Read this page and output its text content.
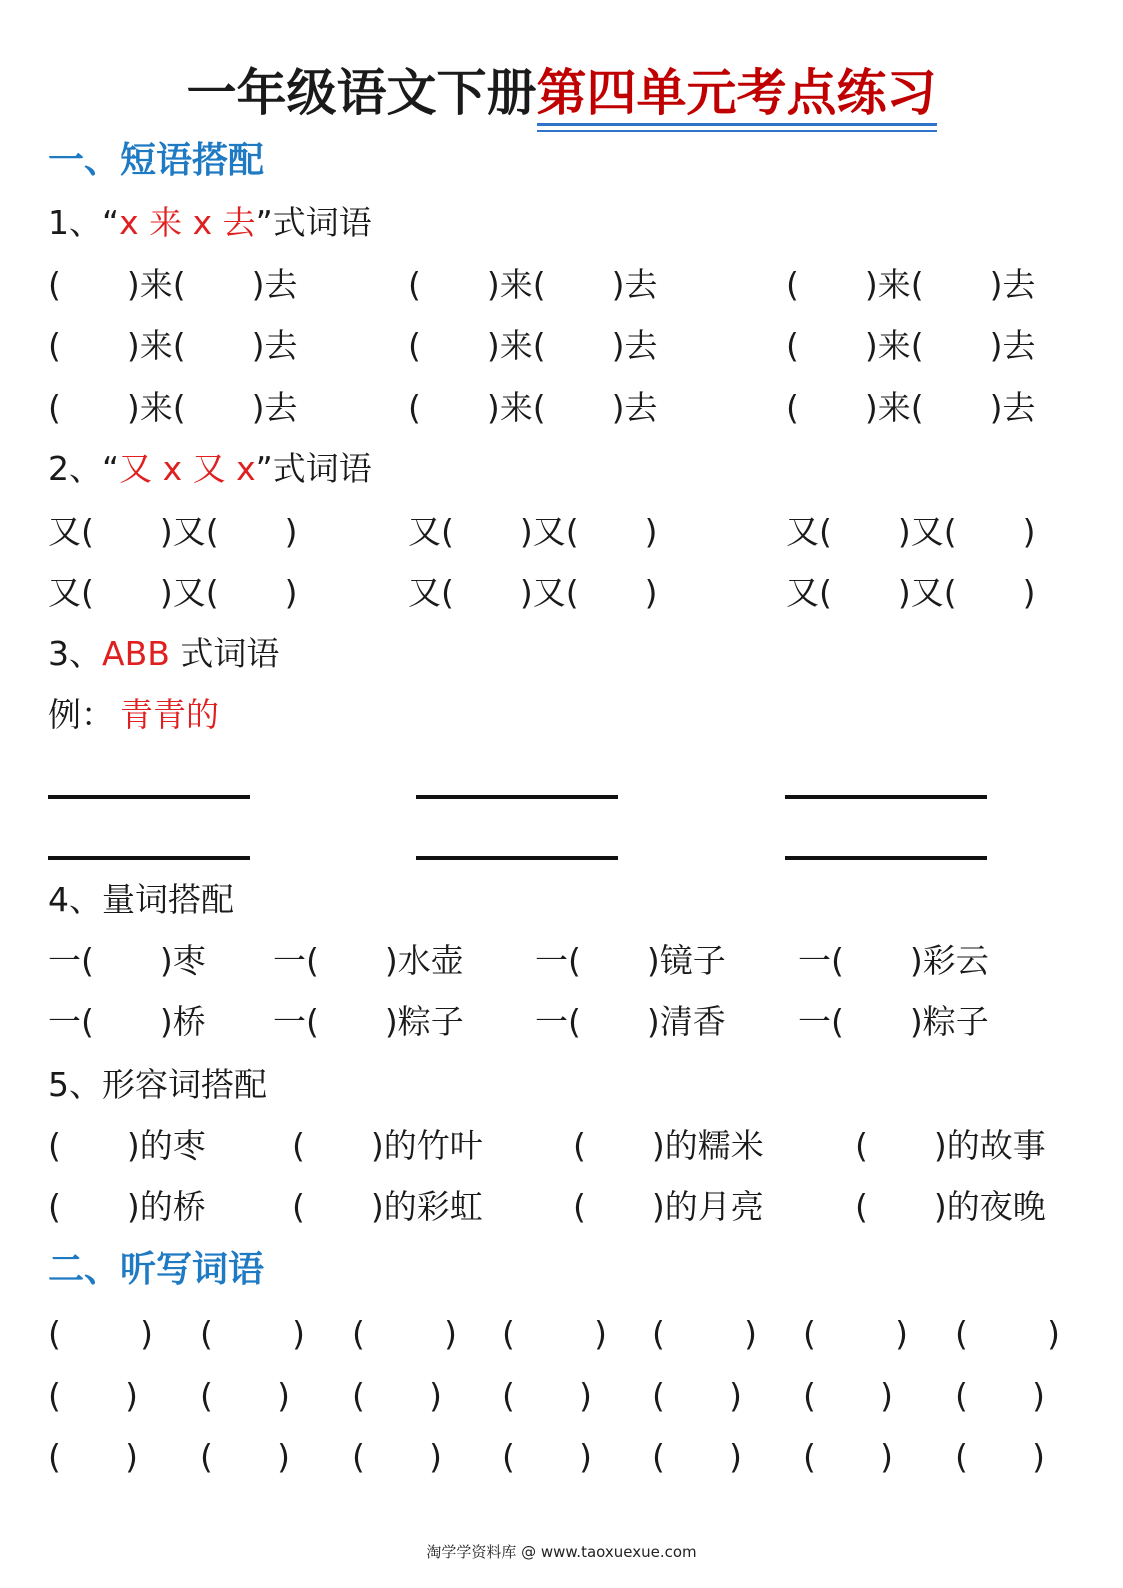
一年级语文下册第四单元考点练习
一、短语搭配
1、“x 来 x 去”式词语
(　　)来(　　)去	(　　)来(　　)去	(　　)来(　　)去
(　　)来(　　)去	(　　)来(　　)去	(　　)来(　　)去
(　　)来(　　)去	(　　)来(　　)去	(　　)来(　　)去
2、“又 x 又 x”式词语
又(　　)又(　　)	又(　　)又(　　)	又(　　)又(　　)
又(　　)又(　　)	又(　　)又(　　)	又(　　)又(　　)
3、ABB 式词语
例： 青青的
4、量词搭配
一(　　)枣 一(　　)水壶 一(　　)镜子 一(　　)彩云
一(　　)桥 一(　　)粽子 一(　　)清香 一(　　)粽子
5、形容词搭配
(　　)的枣	(　　)的竹叶	(　　)的糯米	(　　)的故事
(　　)的桥	(　　)的彩虹	(　　)的月亮	(　　)的夜晚
二、听写词语
( ) ( ) ( ) ( ) ( ) ( ) ( )
( ) ( ) ( ) ( ) ( ) ( ) ( )
( ) ( ) ( ) ( ) ( ) ( ) ( )
淘学学资料库 @ www.taoxuexue.com
